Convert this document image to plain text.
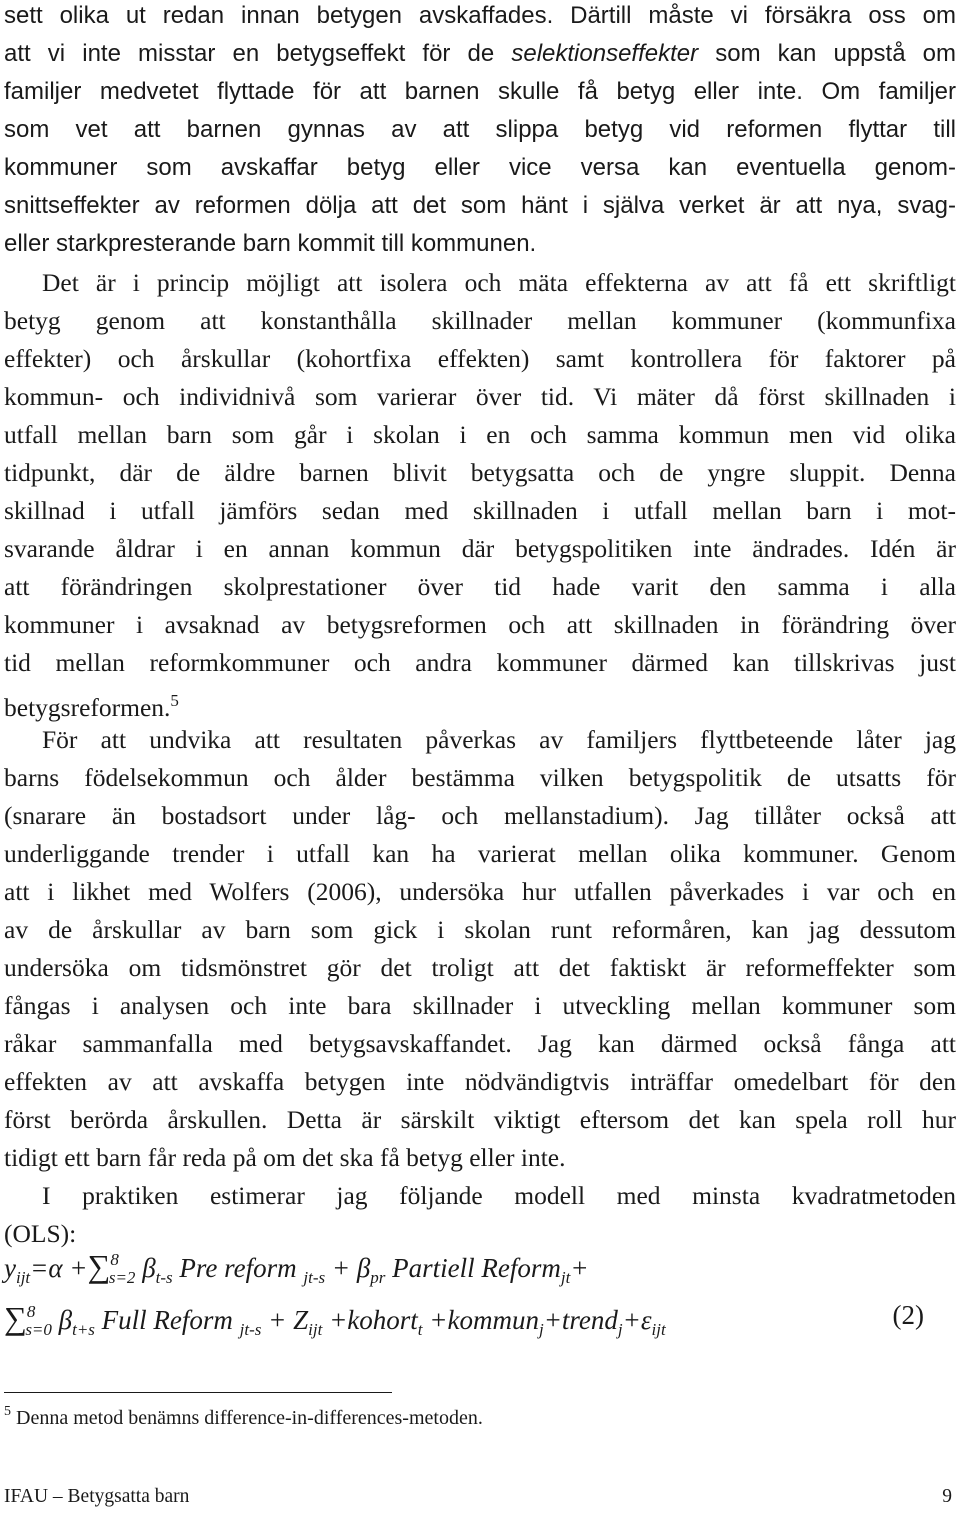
sett olika ut redan innan betygen avskaffades. Därtill måste vi försäkra oss om
att vi inte misstar en betygseffekt för de selektionseffekter som kan uppstå om
familjer medvetet flyttade för att barnen skulle få betyg eller inte. Om familjer
som vet att barnen gynnas av att slippa betyg vid reformen flyttar till
kommuner som avskaffar betyg eller vice versa kan eventuella genom-
snittseffekter av reformen dölja att det som hänt i själva verket är att nya, svag-
eller starkpresterande barn kommit till kommunen.
Det är i princip möjligt att isolera och mäta effekterna av att få ett skriftligt
betyg genom att konstanthålla skillnader mellan kommuner (kommunfixa
effekter) och årskullar (kohortfixa effekten) samt kontrollera för faktorer på
kommun- och individnivå som varierar över tid. Vi mäter då först skillnaden i
utfall mellan barn som går i skolan i en och samma kommun men vid olika
tidpunkt, där de äldre barnen blivit betygsatta och de yngre sluppit. Denna
skillnad i utfall jämförs sedan med skillnaden i utfall mellan barn i mot-
svarande åldrar i en annan kommun där betygspolitiken inte ändrades. Idén är
att förändringen skolprestationer över tid hade varit den samma i alla
kommuner i avsaknad av betygsreformen och att skillnaden in förändring över
tid mellan reformkommuner och andra kommuner därmed kan tillskrivas just
betygsreformen.$^5$
För att undvika att resultaten påverkas av familjers flyttbeteende låter jag
barns födelsekommun och ålder bestämma vilken betygspolitik de utsatts för
(snarare än bostadsort under låg- och mellanstadium). Jag tillåter också att
underliggande trender i utfall kan ha varierat mellan olika kommuner. Genom
att i likhet med Wolfers (2006), undersöka hur utfallen påverkades i var och en
av de årskullar av barn som gick i skolan runt reformåren, kan jag dessutom
undersöka om tidsmönstret gör det troligt att det faktiskt är reformeffekter som
fångas i analysen och inte bara skillnader i utveckling mellan kommuner som
råkar sammanfalla med betygsavskaffandet. Jag kan därmed också fånga att
effekten av att avskaffa betygen inte nödvändigtvis inträffar omedelbart för den
först berörda årskullen. Detta är särskilt viktigt eftersom det kan spela roll hur
tidigt ett barn får reda på om det ska få betyg eller inte.
I praktiken estimerar jag följande modell med minsta kvadratmetoden
(OLS):
$y_{ijt}=\alpha +\sum^8_{s=2}$ $\beta_{t-s}$ Pre reform $_{jt-s} + \beta_{pr}$ Partiell Reform$_{jt}$+
∑$^8_{s=0}$ $\beta_{t+s}$ Full Reform $_{jt-s} + Z_{ijt}$ +kohort$_t$ $+kommun_j+trend_j+\varepsilon_{ijt}$	(2)
$^5$ Denna metod benämns difference-in-differences-metoden.
IFAU – Betygsatta barn	9
